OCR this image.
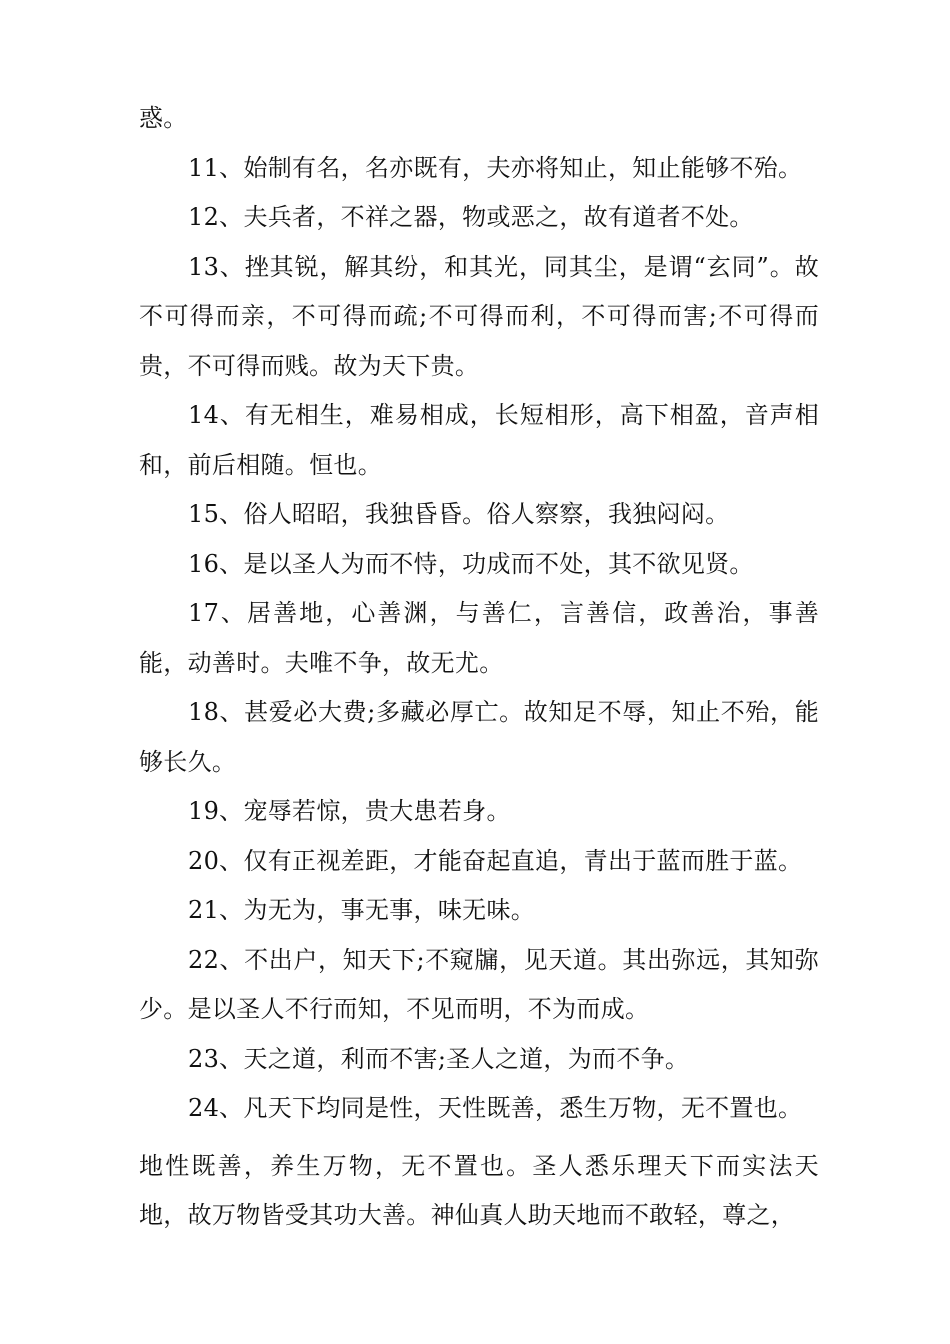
惑。

11、始制有名，名亦既有，夫亦将知止，知止能够不殆。

12、夫兵者，不祥之器，物或恶之，故有道者不处。

13、挫其锐，解其纷，和其光，同其尘，是谓“玄同”。故不可得而亲，不可得而疏;不可得而利，不可得而害;不可得而贵，不可得而贱。故为天下贵。

14、有无相生，难易相成，长短相形，高下相盈，音声相和，前后相随。恒也。

15、俗人昭昭，我独昏昏。俗人察察，我独闷闷。

16、是以圣人为而不恃，功成而不处，其不欲见贤。

17、居善地，心善渊，与善仁，言善信，政善治，事善能，动善时。夫唯不争，故无尤。

18、甚爱必大费;多藏必厚亡。故知足不辱，知止不殆，能够长久。

19、宠辱若惊，贵大患若身。

20、仅有正视差距，才能奋起直追，青出于蓝而胜于蓝。

21、为无为，事无事，味无味。

22、不出户，知天下;不窥牖，见天道。其出弥远，其知弥少。是以圣人不行而知，不见而明，不为而成。

23、天之道，利而不害;圣人之道，为而不争。

24、凡天下均同是性，天性既善，悉生万物，无不置也。

地性既善，养生万物，无不置也。圣人悉乐理天下而实法天地，故万物皆受其功大善。神仙真人助天地而不敢轻，尊之，
